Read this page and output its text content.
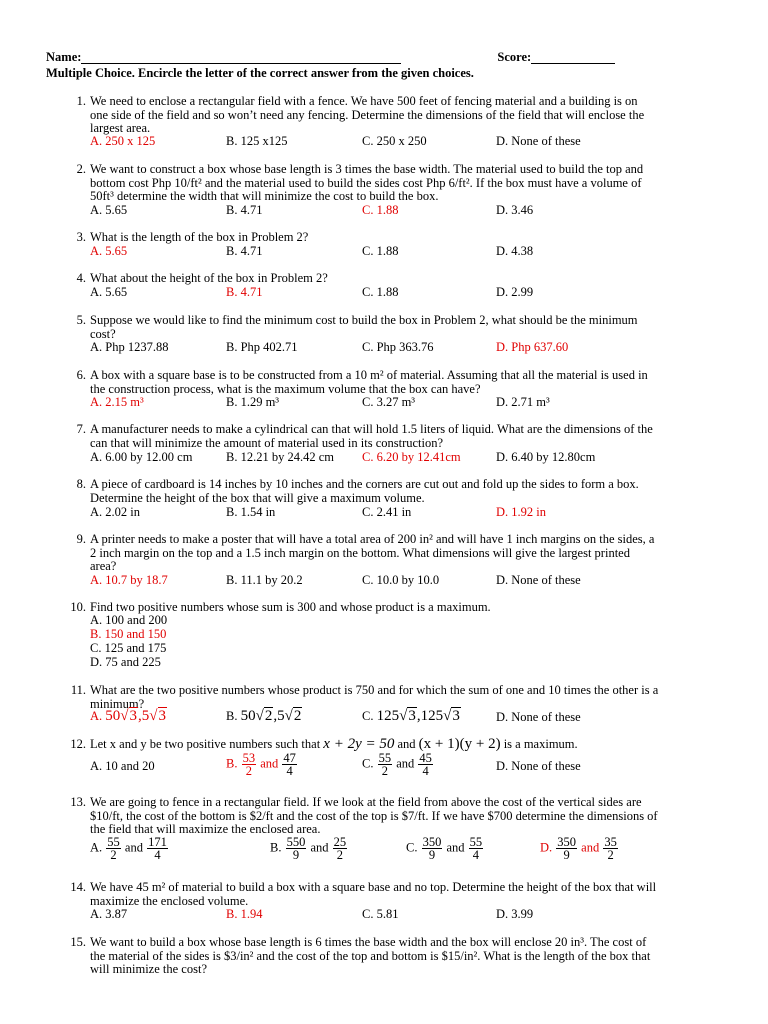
Name:	Score:
Multiple Choice. Encircle the letter of the correct answer from the given choices.
1. We need to enclose a rectangular field with a fence. We have 500 feet of fencing material and a building is on
one side of the field and so won’t need any fencing. Determine the dimensions of the field that will enclose the
largest area.
A. 250 x 125	B. 125 x125	C. 250 x 250	D. None of these
2. We want to construct a box whose base length is 3 times the base width. The material used to build the top and
bottom cost Php 10/ft² and the material used to build the sides cost Php 6/ft². If the box must have a volume of
50ft³ determine the width that will minimize the cost to build the box.
A. 5.65	B. 4.71	C. 1.88	D. 3.46
3. What is the length of the box in Problem 2?
A. 5.65	B. 4.71	C. 1.88	D. 4.38
4. What about the height of the box in Problem 2?
A. 5.65	B. 4.71	C. 1.88	D. 2.99
5. Suppose we would like to find the minimum cost to build the box in Problem 2, what should be the minimum
cost?
A. Php 1237.88	B. Php 402.71	C. Php 363.76	D. Php 637.60
6. A box with a square base is to be constructed from a 10 m² of material. Assuming that all the material is used in
the construction process, what is the maximum volume that the box can have?
A. 2.15 m³	B. 1.29 m³	C. 3.27 m³	D. 2.71 m³
7. A manufacturer needs to make a cylindrical can that will hold 1.5 liters of liquid. What are the dimensions of the
can that will minimize the amount of material used in its construction?
A. 6.00 by 12.00 cm	B. 12.21 by 24.42 cm C. 6.20 by 12.41cm	D. 6.40 by 12.80cm
8. A piece of cardboard is 14 inches by 10 inches and the corners are cut out and fold up the sides to form a box.
Determine the height of the box that will give a maximum volume.
A. 2.02 in	B. 1.54 in	C. 2.41 in	D. 1.92 in
9. A printer needs to make a poster that will have a total area of 200 in² and will have 1 inch margins on the sides, a
2 inch margin on the top and a 1.5 inch margin on the bottom. What dimensions will give the largest printed
area?
A. 10.7 by 18.7	B. 11.1 by 20.2	C. 10.0 by 10.0	D. None of these
10. Find two positive numbers whose sum is 300 and whose product is a maximum.
A. 100 and 200
B. 150 and 150
C. 125 and 175
D. 75 and 225
11. What are the two positive numbers whose product is 750 and for which the sum of one and 10 times the other is a
minimum?
A. 50√3,5√3	B. 50√2,5√2	C. 125√3,125√3	D. None of these
12. Let x and y be two positive numbers such that x + 2y = 50 and (x + 1)(y + 2) is a maximum.
A. 10 and 20	B. $\frac{53}{2}$ and $\frac{47}{4}$	C. $\frac{55}{2}$ and $\frac{45}{4}$	D. None of these
13. We are going to fence in a rectangular field. If we look at the field from above the cost of the vertical sides are
$10/ft, the cost of the bottom is $2/ft and the cost of the top is $7/ft. If we have $700 determine the dimensions of
the field that will maximize the enclosed area.
A. $\frac{55}{2}$ and $\frac{171}{4}$	B. $\frac{550}{9}$ and $\frac{25}{2}$	C. $\frac{350}{9}$ and $\frac{55}{4}$	D. $\frac{350}{9}$ and $\frac{35}{2}$
14. We have 45 m² of material to build a box with a square base and no top. Determine the height of the box that will
maximize the enclosed volume.
A. 3.87	B. 1.94	C. 5.81	D. 3.99
15. We want to build a box whose base length is 6 times the base width and the box will enclose 20 in³. The cost of
the material of the sides is $3/in² and the cost of the top and bottom is $15/in². What is the length of the box that
will minimize the cost?
